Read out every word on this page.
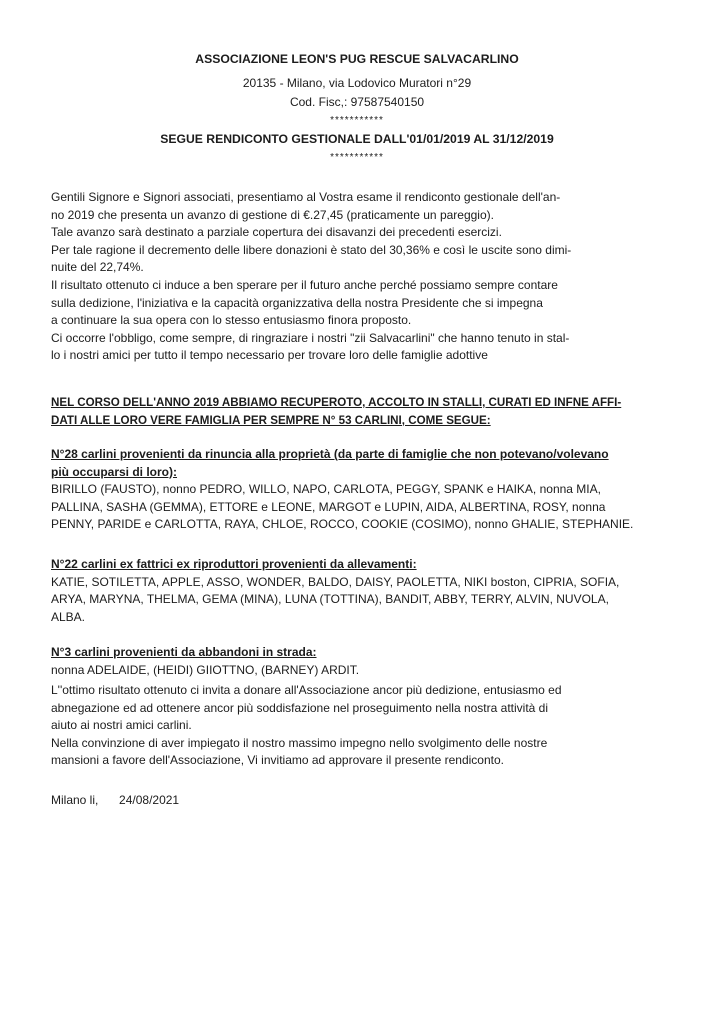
ASSOCIAZIONE LEON'S PUG RESCUE SALVACARLINO
20135 - Milano, via Lodovico Muratori n°29
Cod. Fisc,: 97587540150
***********
SEGUE RENDICONTO GESTIONALE DALL'01/01/2019 AL 31/12/2019
***********
Gentili Signore e Signori associati, presentiamo al Vostra esame il rendiconto gestionale dell'an-
no 2019 che presenta un avanzo di gestione di €.27,45 (praticamente un pareggio).
Tale avanzo sarà destinato a parziale copertura dei disavanzi dei precedenti esercizi.
Per tale ragione il decremento delle libere donazioni è stato del 30,36% e così le uscite sono dimi-
nuite del 22,74%.
Il risultato ottenuto ci induce a ben sperare per il futuro anche perché possiamo sempre contare
sulla dedizione, l'iniziativa e la capacità organizzativa della nostra Presidente che si impegna
a continuare la sua opera con lo stesso entusiasmo finora proposto.
Ci occorre l'obbligo, come sempre, di ringraziare i nostri "zii Salvacarlini" che hanno tenuto in stal-
lo i nostri amici per tutto il tempo necessario per trovare loro delle famiglie adottive
NEL CORSO DELL'ANNO 2019 ABBIAMO RECUPEROTO, ACCOLTO IN STALLI, CURATI ED INFNE AFFI-
DATI ALLE LORO VERE FAMIGLIA PER SEMPRE N° 53 CARLINI, COME SEGUE:
N°28 carlini provenienti da rinuncia alla proprietà (da parte di famiglie che non potevano/volevano
più occuparsi di loro):
BIRILLO (FAUSTO), nonno PEDRO, WILLO, NAPO, CARLOTA, PEGGY, SPANK e HAIKA, nonna MIA,
PALLINA, SASHA (GEMMA), ETTORE e LEONE, MARGOT e LUPIN, AIDA, ALBERTINA, ROSY, nonna
PENNY, PARIDE e CARLOTTA, RAYA, CHLOE, ROCCO, COOKIE (COSIMO), nonno GHALIE, STEPHANIE.
N°22 carlini ex fattrici ex riproduttori provenienti da allevamenti:
KATIE, SOTILETTA, APPLE, ASSO, WONDER, BALDO, DAISY, PAOLETTA, NIKI boston, CIPRIA, SOFIA,
ARYA, MARYNA, THELMA, GEMA (MINA), LUNA (TOTTINA), BANDIT, ABBY, TERRY, ALVIN, NUVOLA,
ALBA.
N°3 carlini provenienti da abbandoni in strada:
nonna ADELAIDE, (HEIDI) GIIOTTNO, (BARNEY) ARDIT.
L''ottimo risultato ottenuto ci invita a donare all'Associazione ancor più dedizione, entusiasmo ed
abnegazione ed ad ottenere ancor più soddisfazione nel proseguimento nella nostra attività di
aiuto ai nostri amici carlini.
Nella convinzione di aver impiegato il nostro massimo impegno nello svolgimento delle nostre
mansioni a favore dell'Associazione, Vi invitiamo ad approvare il presente rendiconto.
Milano li, 24/08/2021
